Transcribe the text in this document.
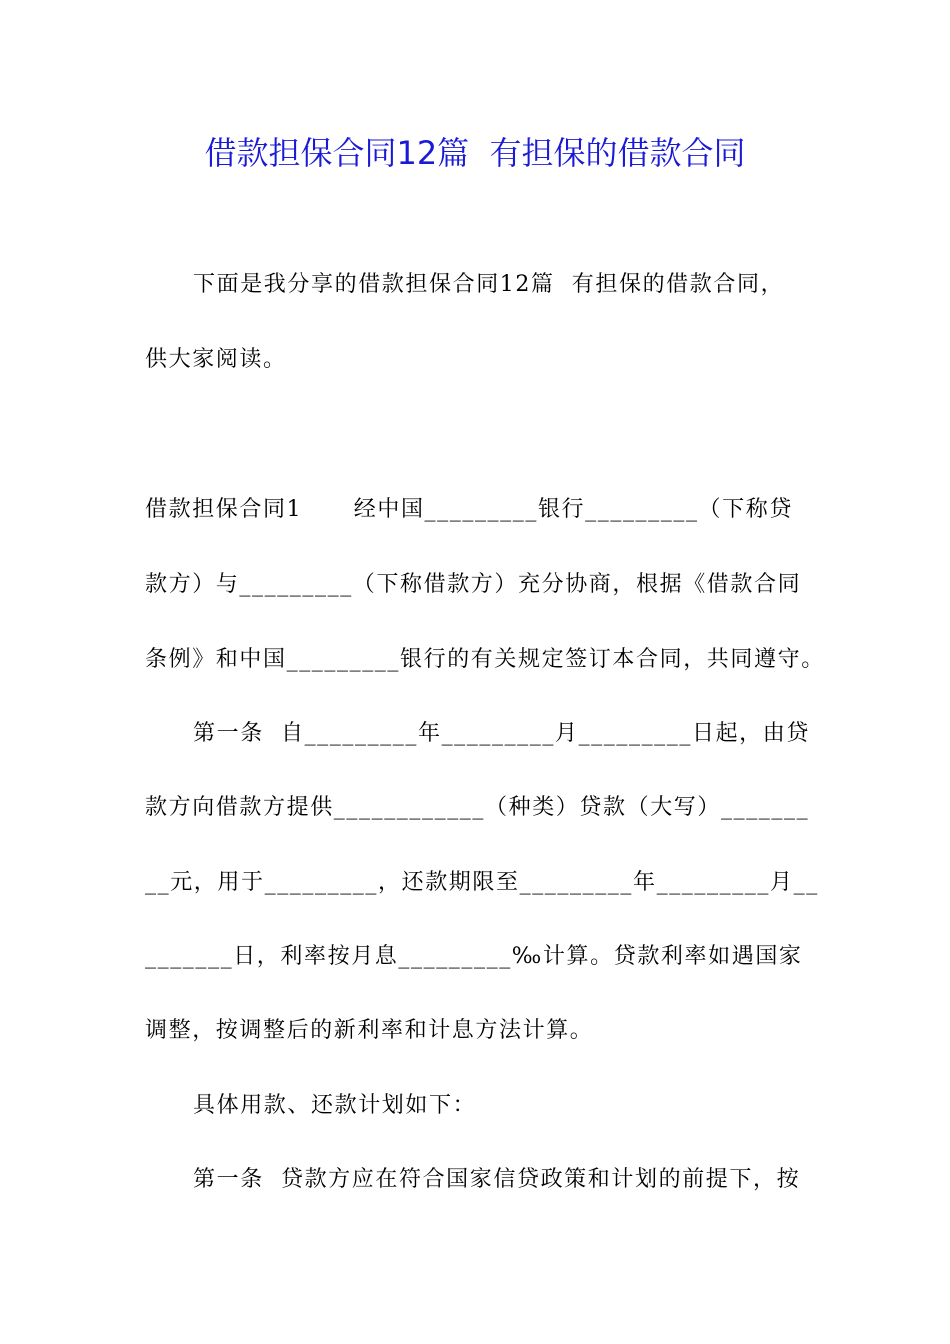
借款担保合同12篇  有担保的借款合同
下面是我分享的借款担保合同12篇  有担保的借款合同，
供大家阅读。
借款担保合同1      经中国_________银行_________（下称贷
款方）与_________（下称借款方）充分协商，根据《借款合同
条例》和中国_________银行的有关规定签订本合同，共同遵守。
第一条  自_________年_________月_________日起，由贷
款方向借款方提供____________（种类）贷款（大写）_______
__元，用于_________，还款期限至_________年_________月__
_______日，利率按月息_________‰计算。贷款利率如遇国家
调整，按调整后的新利率和计息方法计算。
具体用款、还款计划如下：
第一条  贷款方应在符合国家信贷政策和计划的前提下，按
